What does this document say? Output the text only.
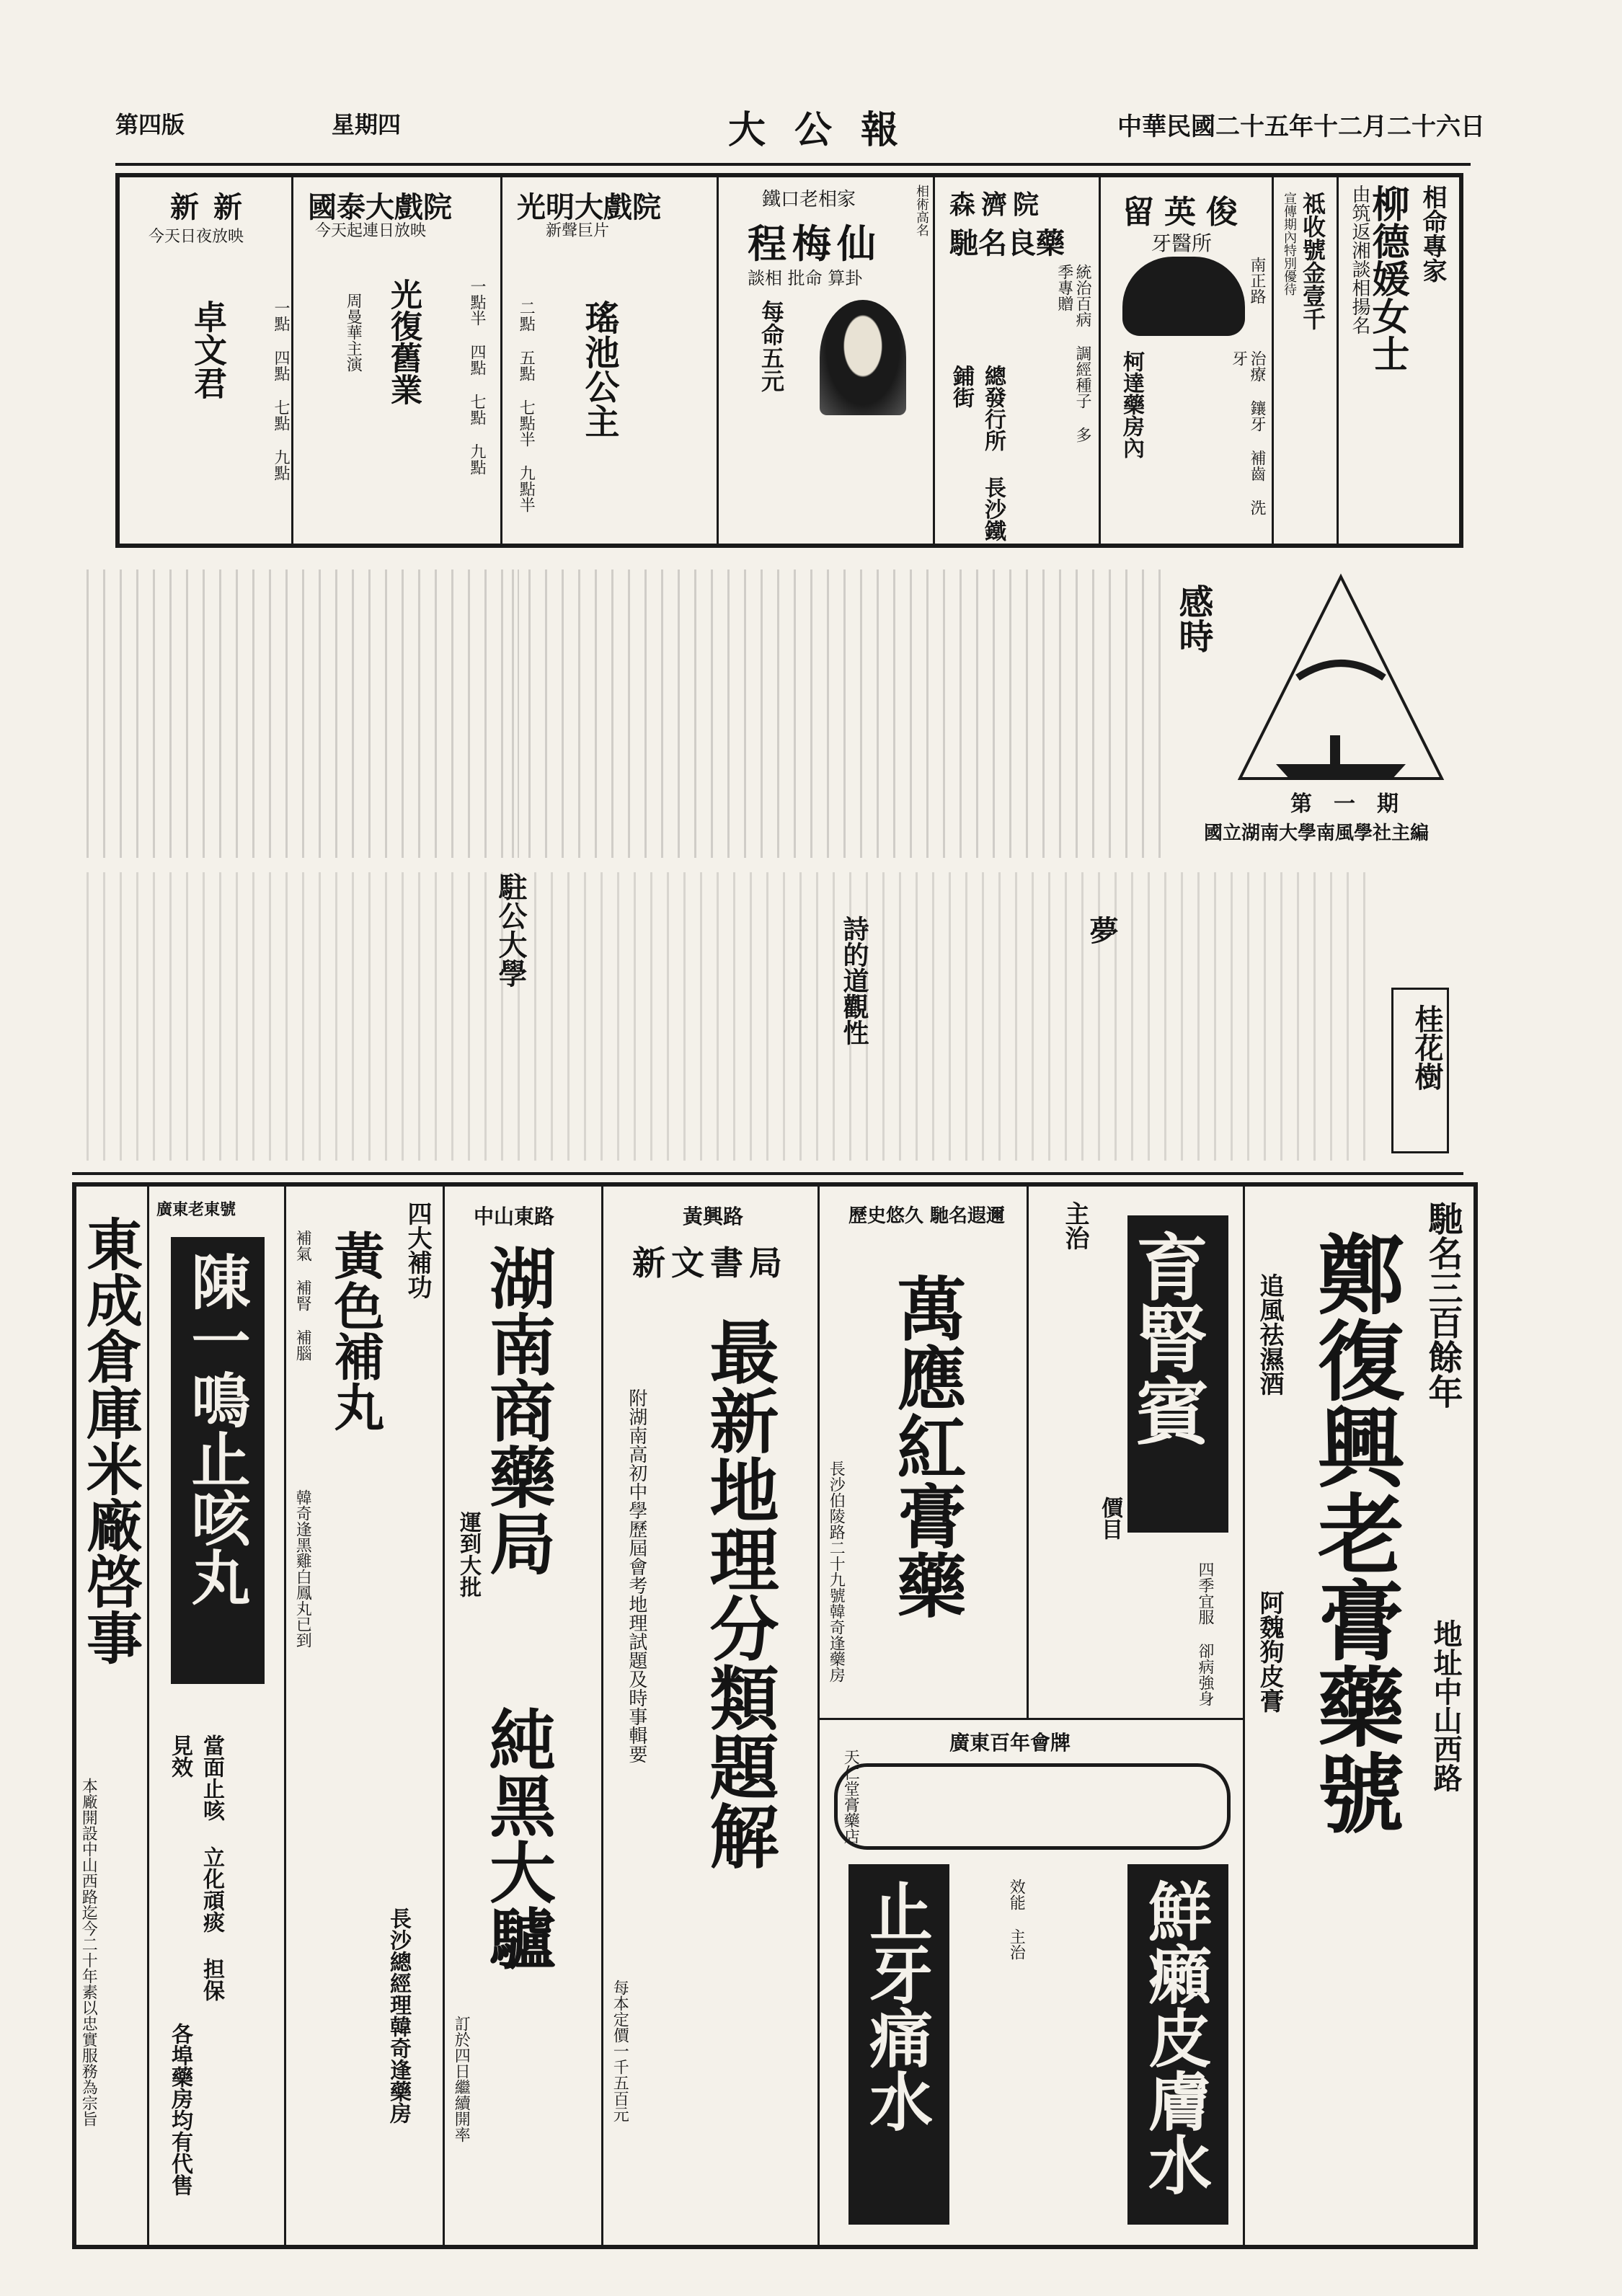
中華民國二十五年十二月二十六日
大公報
星期四
第四版
相命專家
柳德媛女士
由筑返湘談相揚名
祗收號金壹千
宣傳期內特別優待
留英俊
牙醫所
南正路
治療 鑲牙 補齒 洗牙
柯達藥房內
森濟院
馳名良藥
統治百病 調經種子 多季專贈
總發行所 長沙鐵鋪街
相術高名
程梅仙
鐵口老相家
談相 批命 算卦
每命五元
光明大戲院
新聲巨片
瑤池公主
二點 五點 七點半 九點半
國泰大戲院
今天起連日放映
光復舊業
周曼華主演	一點半 四點 七點 九點
新新
今天日夜放映
卓文君	一點 四點 七點 九點
第一期
國立湖南大學南風學社主編
感時
駐公大學	詩的道觀性	夢
桂花樹
馳名三百餘年
鄭復興老膏藥號 地址中山西路
追風祛濕酒
阿魏狗皮膏
育腎賓
四季宜服 卻病強身
主治
價目
歷史悠久 馳名遐邇
萬應紅膏藥
長沙伯陵路二十九號韓奇逢藥房
天仁堂膏藥店
廣東百年會牌
鮮癩皮膚水
止牙痛水	效能 主治
黃興路
新文書局
最新地理分類題解
附湖南高初中學歷屆會考地理試題及時事輯要
每本定價一千五百元
中山東路
湖南商藥局
運到大批
純黑大驢
訂於四日繼續開率
四大補功
黃色補丸
補氣 補腎 補腦
韓奇逢黑雞白鳳丸已到
長沙總經理韓奇逢藥房
廣東老東號
陳一鳴止咳丸
當面止咳 立化頑痰 担保見效
各埠藥房均有代售
東成倉庫米廠啓事
本廠開設中山西路迄今二十年素以忠實服務為宗旨
